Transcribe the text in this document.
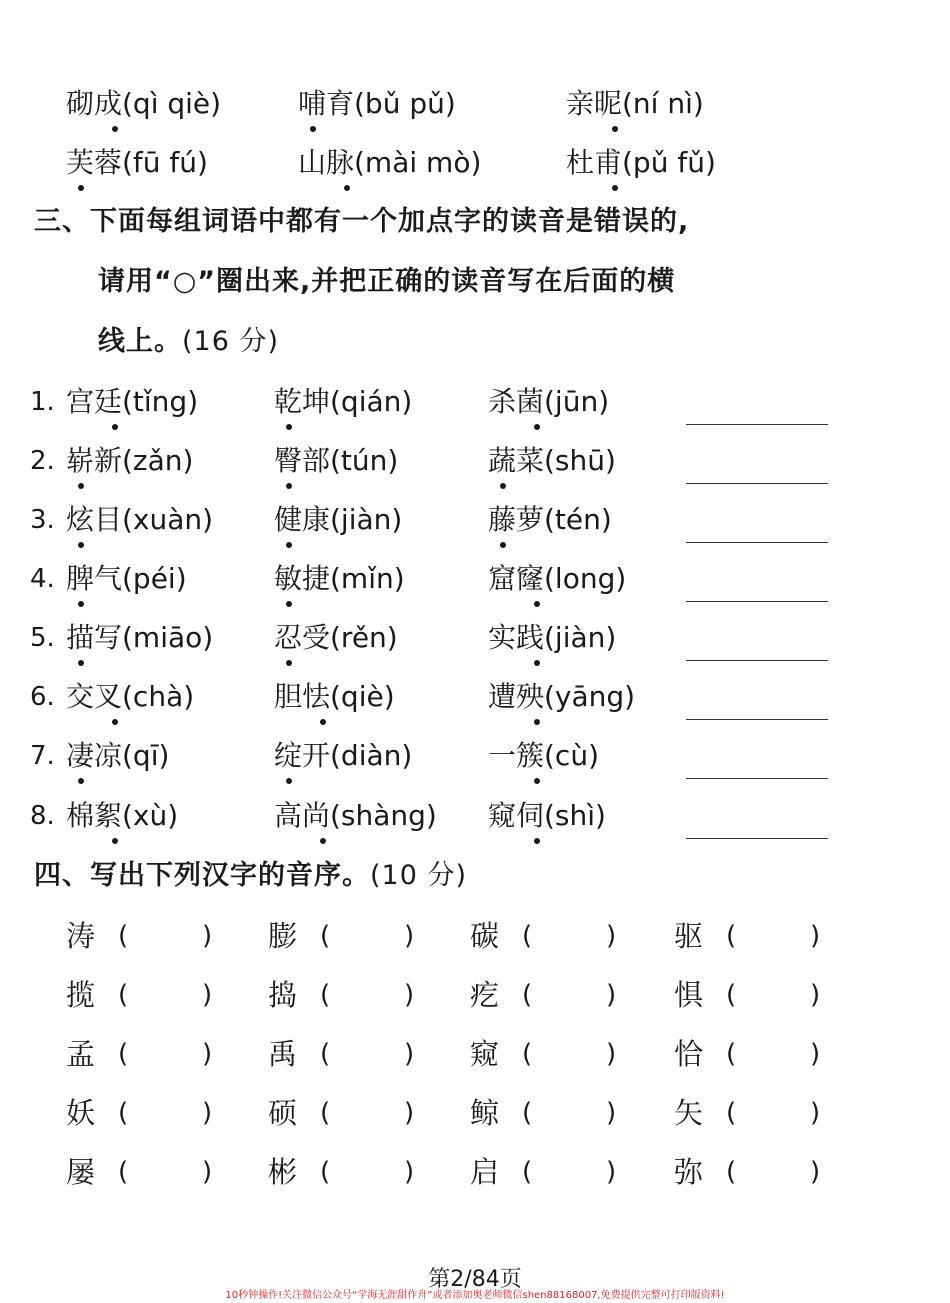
砌成(qì qiè)	哺育(bǔ pǔ)	亲昵(ní nì)
芙蓉(fū fú)	山脉(mài mò)	杜甫(pǔ fǔ)
三、下面每组词语中都有一个加点字的读音是错误的,
请用“○”圈出来,并把正确的读音写在后面的横
线上。(16 分)
1. 宫廷(tǐng)	乾坤(qián)	杀菌(jūn)
2. 崭新(zǎn)	臀部(tún)	蔬菜(shū)
3. 炫目(xuàn) 健康(jiàn)	藤萝(tén)
4. 脾气(péi)	敏捷(mǐn)	窟窿(long)
5. 描写(miāo) 忍受(rěn)	实践(jiàn)
6. 交叉(chà)	胆怯(qiè)	遭殃(yāng)
7. 凄凉(qī)	绽开(diàn)	一簇(cù)
8. 棉絮(xù)	高尚(shàng) 窥伺(shì)
四、写出下列汉字的音序。(10 分)
涛 (	) 膨 (	) 碳 (	) 驱 (	)
揽 (	) 捣 (	) 疙 (	) 惧 (	)
孟 (	) 禹 (	) 窥 (	) 恰 (	)
妖 (	) 硕 (	) 鲸 (	) 矢 (	)
屡 (	) 彬 (	) 启 (	) 弥 (	)
第2/84页
10秒钟操作!关注微信公众号“学海无涯甜作舟”或者添加奥老师微信shen88168007,免费提供完整可打印版资料!
